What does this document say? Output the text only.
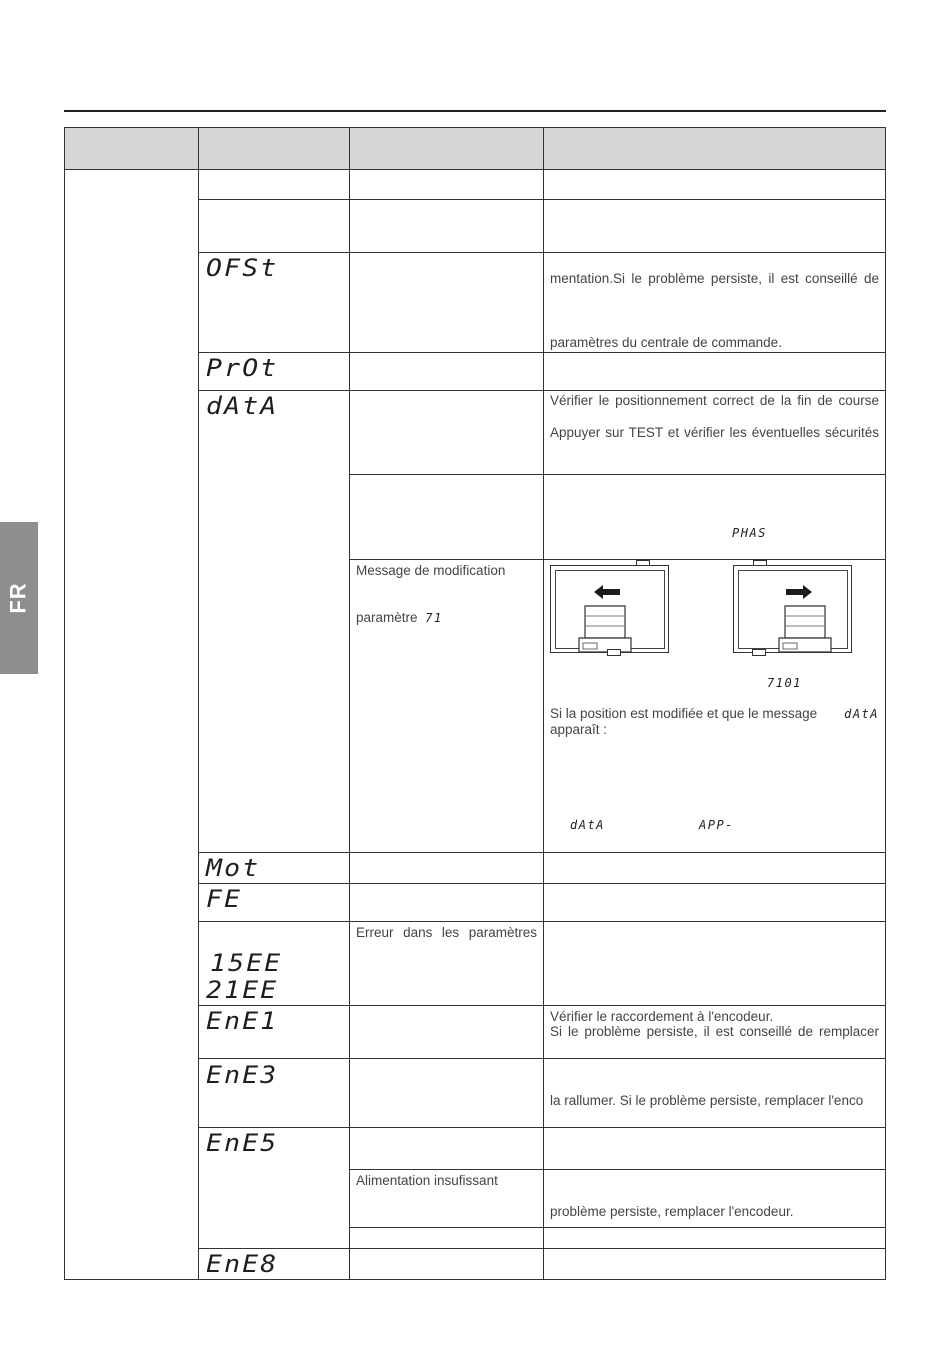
FR
OFSt
PrOt
dAtA
Mot
FE
15EE
21EE
EnE1
EnE3
EnE5
EnE8
mentation.Si le problème persiste, il est conseillé de
paramètres du centrale de commande.
Vérifier le positionnement correct de la fin de course
Appuyer sur TEST et vérifier les éventuelles sécurités
PHAS
Message de modification
paramètre 71
7101
Si la position est modifiée et que le message dAtA
apparaît :
dAtA	APP-
Erreur dans les paramètres
Vérifier le raccordement à l'encodeur.
Si le problème persiste, il est conseillé de remplacer
la rallumer. Si le problème persiste, remplacer l'enco
Alimentation insufissant
problème persiste, remplacer l'encodeur.
